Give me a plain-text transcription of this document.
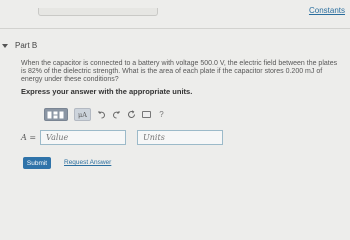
Constants
Part B

When the capacitor is connected to a battery with voltage 500.0 V, the electric field between the plates is 82% of the dielectric strength. What is the area of each plate if the capacitor stores 0.200 mJ of energy under these conditions?

Express your answer with the appropriate units.

μA	?
A =
Value
Units
Submit	Request Answer
